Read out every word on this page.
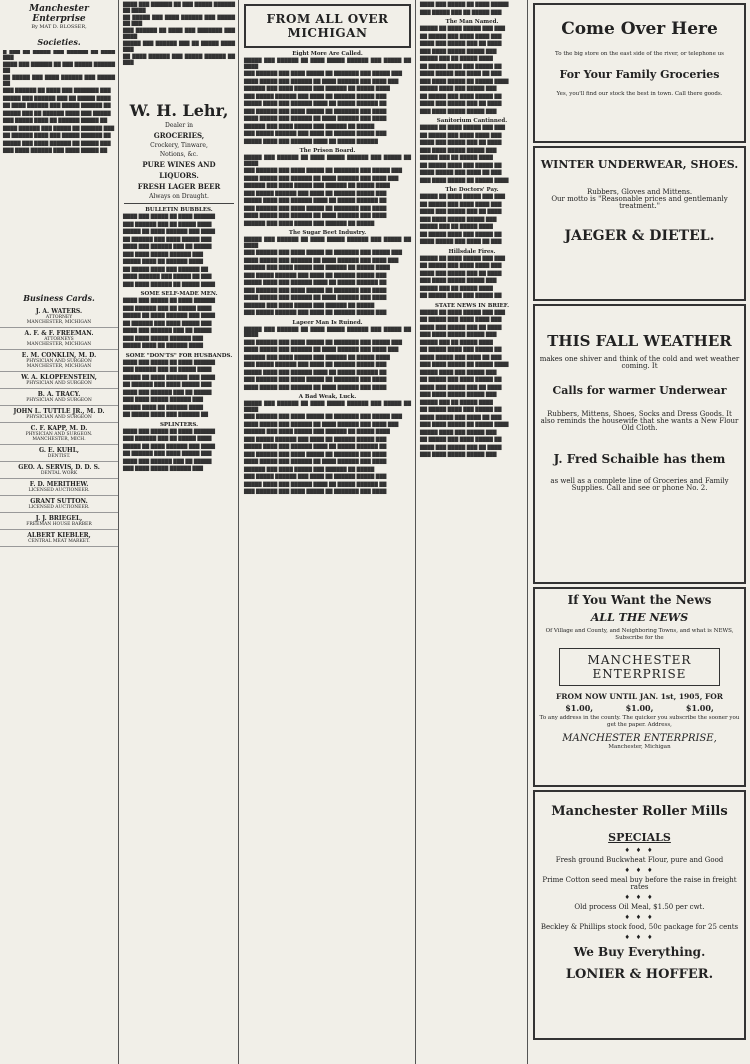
Manchester Enterprise
By MAT D. BLOSSER,
Societies.

█ ███ ██ █████ ███ ██████ ██ ████ ███

████ ███ ██████ ██ ███ █████ ██████ ██

██ █████ ███ ████ ██████ ███ █████ ██

███ ██████ ██ ████ ███ ███████ ███

█████ ███ ██████ ███ ██ █████ ████

██ ████ ██████ ███ █████ ██████ ██

█████ ███ ██ ██████ ████ ███ █████

███ █████ ████ ██ ██████ █████ ██

████ ██████ ███ █████ ██ ██████ ███

██ ██████ ████ ███ █████ ██████ ██

█████ ███ ████ ██████ ██ █████ ███

███ ████ ██████ ███ ████ █████ ██

Business Cards.
J. A. WATERS.
ATTORNEY
MANCHESTER, MICHIGAN
A. F. & F. FREEMAN.
ATTORNEYS
MANCHESTER, MICHIGAN
E. M. CONKLIN, M. D.
PHYSICIAN AND SURGEON
MANCHESTER, MICHIGAN
W. A. KLOPFENSTEIN,
PHYSICIAN AND SURGEON
B. A. TRACY.
PHYSICIAN AND SURGEON
JOHN L. TUTTLE JR., M. D.
PHYSICIAN AND SURGEON
C. F. KAPP, M. D.
PHYSICIAN AND SURGEON.
MANCHESTER, MICH.
G. E. KUHL,
DENTIST.
GEO. A. SERVIS, D. D. S.
DENTAL WORK
F. D. MERITHEW.
LICENSED AUCTIONEER.
GRANT SUTTON.
LICENSED AUCTIONEER.
J. J. BRIEGEL,
FREEMAN HOUSE BARBER
ALBERT KIEBLER,
CENTRAL MEAT MARKET.

████ ███ ██████ ██ ███ █████ ██████ ██ ████

██ █████ ███ ████ ██████ ███ █████ ██ ███

███ ██████ ██ ████ ███ ███████ ███ ████

█████ ███ ██████ ███ ██ █████ ████ ███

██ ████ ██████ ███ █████ ██████ ██ ███

W. H. Lehr,
Dealer in
GROCERIES,
Crockery, Tinware,
Notions, &c.
PURE WINES AND
LIQUORS.
FRESH LAGER BEER
Always on Draught.
BULLETIN BUBBLES.

████ ███ █████ ██ ████ ██████

███ ██████ ███ ██ █████ ████

█████ ██ ████ ██████ ███ ████

██ ██████ ███ ████ █████ ███

████ ███ ██████ ███ ██ █████

███ ████ █████ ██████ ███

█████ ████ ██ ██████ ████

██ █████ ████ ███ ██████ ██

████ ██████ ███ █████ ██ ███

███ ████ ██████ ██ █████ ████

SOME SELF-MADE MEN.

████ ███ █████ ██ ████ ██████

███ ██████ ███ ██ █████ ████

█████ ██ ████ ██████ ███ ████

██ ██████ ███ ████ █████ ███

████ ███ ██████ ███ ██ █████

███ ████ █████ ██████ ███

█████ ████ ██ ██████ ████

SOME "DON'TS" FOR HUSBANDS.

████ ███ █████ ██ ████ ██████

███ ██████ ███ ██ █████ ████

█████ ██ ████ ██████ ███ ████

██ ██████ ███ ████ █████ ███

████ ███ ██████ ███ ██ █████

███ ████ █████ ██████ ███

█████ ████ ██ ██████ ████

██ █████ ████ ███ ██████ ██

SPLINTERS.

████ ███ █████ ██ ████ ██████

███ ██████ ███ ██ █████ ████

█████ ██ ████ ██████ ███ ████

██ ██████ ███ ████ █████ ███

████ ███ ██████ ███ ██ █████

███ ████ █████ ██████ ███

FROM ALL OVER MICHIGAN
Eight More Are Called.

█████ ███ ██████ ██ ████ █████ ██████ ███ █████ ██ ████

███ ██████ ███ ████ █████ ██ ███████ ███ █████ ███

████ █████ ███ ██████ ██ ████ ██████ ███ ████ ███

██████ ███ ████ █████ ███ ██████ ██ █████ ████

███ █████ ██████ ███ ████ ██ ██████ █████ ███

█████ ████ ███ ██████ ████ ██ █████ ██████ ██

███ ██████ ███ ████ █████ ██ ███████ ███ ████

████ █████ ███ ██████ ██ ████ ██████ ███ ████

██████ ███ ████ █████ ███ ██████ ██ █████

███ █████ ██████ ███ ████ ██ ██████ █████ ███

█████ ████ ███ ██████ ████ ██ █████ ██████

The Prison Board.

█████ ███ ██████ ██ ████ █████ ██████ ███ █████ ██ ████

███ ██████ ███ ████ █████ ██ ███████ ███ █████ ███

████ █████ ███ ██████ ██ ████ ██████ ███ ████ ███

██████ ███ ████ █████ ███ ██████ ██ █████ ████

███ █████ ██████ ███ ████ ██ ██████ █████ ███

█████ ████ ███ ██████ ████ ██ █████ ██████ ██

███ ██████ ███ ████ █████ ██ ███████ ███ ████

████ █████ ███ ██████ ██ ████ ██████ ███ ████

██████ ███ ████ █████ ███ ██████ ██ █████

The Sugar Beet Industry.

█████ ███ ██████ ██ ████ █████ ██████ ███ █████ ██ ████

███ ██████ ███ ████ █████ ██ ███████ ███ █████ ███

████ █████ ███ ██████ ██ ████ ██████ ███ ████ ███

██████ ███ ████ █████ ███ ██████ ██ █████ ████

███ █████ ██████ ███ ████ ██ ██████ █████ ███

█████ ████ ███ ██████ ████ ██ █████ ██████ ██

███ ██████ ███ ████ █████ ██ ███████ ███ ████

████ █████ ███ ██████ ██ ████ ██████ ███ ████

██████ ███ ████ █████ ███ ██████ ██ █████

███ █████ ██████ ███ ████ ██ ██████ █████ ███

Lapeer Man Is Ruined.

█████ ███ ██████ ██ ████ █████ ██████ ███ █████ ██ ████

███ ██████ ███ ████ █████ ██ ███████ ███ █████ ███

████ █████ ███ ██████ ██ ████ ██████ ███ ████ ███

██████ ███ ████ █████ ███ ██████ ██ █████ ████

███ █████ ██████ ███ ████ ██ ██████ █████ ███

█████ ████ ███ ██████ ████ ██ █████ ██████ ██

███ ██████ ███ ████ █████ ██ ███████ ███ ████

████ █████ ███ ██████ ██ ████ ██████ ███ ████

A Bad Weak, Luck.

█████ ███ ██████ ██ ████ █████ ██████ ███ █████ ██ ████

███ ██████ ███ ████ █████ ██ ███████ ███ █████ ███

████ █████ ███ ██████ ██ ████ ██████ ███ ████ ███

██████ ███ ████ █████ ███ ██████ ██ █████ ████

███ █████ ██████ ███ ████ ██ ██████ █████ ███

█████ ████ ███ ██████ ████ ██ █████ ██████ ██

███ ██████ ███ ████ █████ ██ ███████ ███ ████

████ █████ ███ ██████ ██ ████ ██████ ███ ████

██████ ███ ████ █████ ███ ██████ ██ █████

███ █████ ██████ ███ ████ ██ ██████ █████ ███

█████ ████ ███ ██████ ████ ██ █████ ██████ ██

███ ██████ ███ ████ █████ ██ ███████ ███ ████

████ ███ █████ ██ ████ █████

███ █████ ███ ██ █████ ███

The Man Named.

█████ ██ ████ █████ ███ ███

██ █████ ███ ████ ████ ███

████ ███ █████ ███ ██ ████

███ ████ █████ █████ ███

█████ ███ ██ █████ ████

██ █████ ████ ███ █████ ██

████ █████ ███ ████ ██ ███

███ ████ █████ ██ █████ ████

█████ ████ ███ █████ ███

██ █████ ███ ████ █████ ██

████ ███ █████ ███ ██ ████

███ ████ █████ █████ ███

Sanitorium Cantinned.

█████ ██ ████ █████ ███ ███

██ █████ ███ ████ ████ ███

████ ███ █████ ███ ██ ████

███ ████ █████ █████ ███

█████ ███ ██ █████ ████

██ █████ ████ ███ █████ ██

████ █████ ███ ████ ██ ███

███ ████ █████ ██ █████ ████

The Doctors' Pay.

█████ ██ ████ █████ ███ ███

██ █████ ███ ████ ████ ███

████ ███ █████ ███ ██ ████

███ ████ █████ █████ ███

█████ ███ ██ █████ ████

██ █████ ████ ███ █████ ██

████ █████ ███ ████ ██ ███

Hillsdale Fires.

█████ ██ ████ █████ ███ ███

██ █████ ███ ████ ████ ███

████ ███ █████ ███ ██ ████

███ ████ █████ █████ ███

█████ ███ ██ █████ ████

██ █████ ████ ███ █████ ██

STATE NEWS IN BRIEF.

█████ ██ ████ █████ ███ ███

██ █████ ███ ████ ████ ███

████ ███ █████ ███ ██ ████

███ ████ █████ █████ ███

█████ ███ ██ █████ ████

██ █████ ████ ███ █████ ██

████ █████ ███ ████ ██ ███

███ ████ █████ ██ █████ ████

█████ ████ ███ █████ ███

██ █████ ███ ████ █████ ██

████ ███ █████ ███ ██ ████

███ ████ █████ █████ ███

█████ ███ ██ █████ ████

██ █████ ████ ███ █████ ██

████ █████ ███ ████ ██ ███

███ ████ █████ ██ █████ ████

█████ ████ ███ █████ ███

██ █████ ███ ████ █████ ██

████ ███ █████ ███ ██ ████

███ ████ █████ █████ ███

Come Over Here
To the big store on the east side of the river, or telephone us
For Your Family Groceries
Yes, you'll find our stock the best in town. Call there goods.
WINTER UNDERWEAR, SHOES.
Rubbers, Gloves and Mittens.
Our motto is "Reasonable prices and gentlemanly treatment."
JAEGER & DIETEL.
THIS FALL WEATHER
makes one shiver and think of the cold and wet weather coming. It
Calls for warmer Underwear
Rubbers, Mittens, Shoes, Socks and Dress Goods. It also reminds the housewife that she wants a New Flour Old Cloth.
J. Fred Schaible has them
as well as a complete line of Groceries and Family Supplies. Call and see or phone No. 2.
If You Want the News
ALL THE NEWS
Of Village and County, and Neighboring Towns, and what is NEWS,
Subscribe for the
MANCHESTER
ENTERPRISE
FROM NOW UNTIL JAN. 1st, 1905, FOR
$1.00,	$1.00,	$1.00,
To any address in the county. The quicker you subscribe the sooner you get the paper. Address,
MANCHESTER ENTERPRISE,
Manchester, Michigan
Manchester Roller Mills
SPECIALS
♦ ♦ ♦
Fresh ground Buckwheat Flour, pure and Good
♦ ♦ ♦
Prime Cotton seed meal buy before the raise in freight rates
♦ ♦ ♦
Old process Oil Meal, $1.50 per cwt.
♦ ♦ ♦
Beckley & Phillips stock food, 50c package for 25 cents
♦ ♦ ♦
We Buy Everything.
LONIER & HOFFER.
